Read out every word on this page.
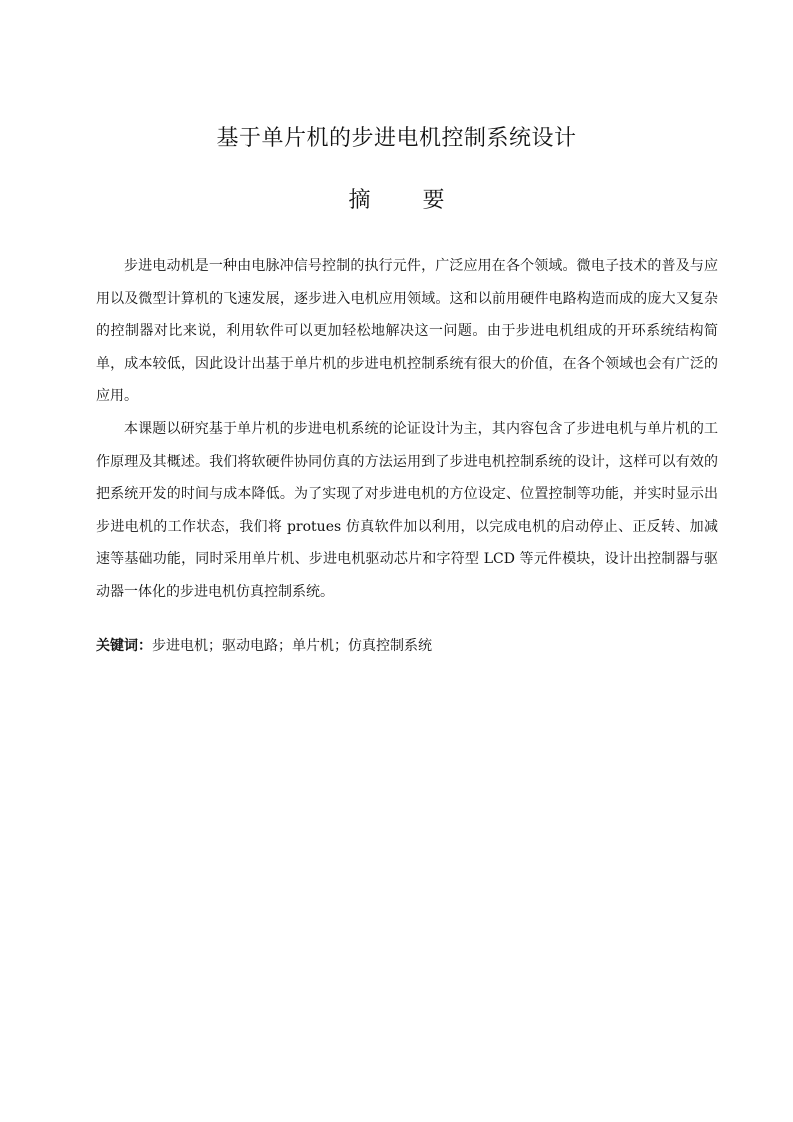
基于单片机的步进电机控制系统设计
摘 要

步进电动机是一种由电脉冲信号控制的执行元件，广泛应用在各个领域。微电子技术的普及与应用以及微型计算机的飞速发展，逐步进入电机应用领域。这和以前用硬件电路构造而成的庞大又复杂的控制器对比来说，利用软件可以更加轻松地解决这一问题。由于步进电机组成的开环系统结构简单，成本较低，因此设计出基于单片机的步进电机控制系统有很大的价值，在各个领域也会有广泛的应用。

本课题以研究基于单片机的步进电机系统的论证设计为主，其内容包含了步进电机与单片机的工作原理及其概述。我们将软硬件协同仿真的方法运用到了步进电机控制系统的设计，这样可以有效的把系统开发的时间与成本降低。为了实现了对步进电机的方位设定、位置控制等功能，并实时显示出步进电机的工作状态，我们将 protues 仿真软件加以利用，以完成电机的启动停止、正反转、加减速等基础功能，同时采用单片机、步进电机驱动芯片和字符型 LCD 等元件模块，设计出控制器与驱动器一体化的步进电机仿真控制系统。

关键词：步进电机；驱动电路；单片机；仿真控制系统
